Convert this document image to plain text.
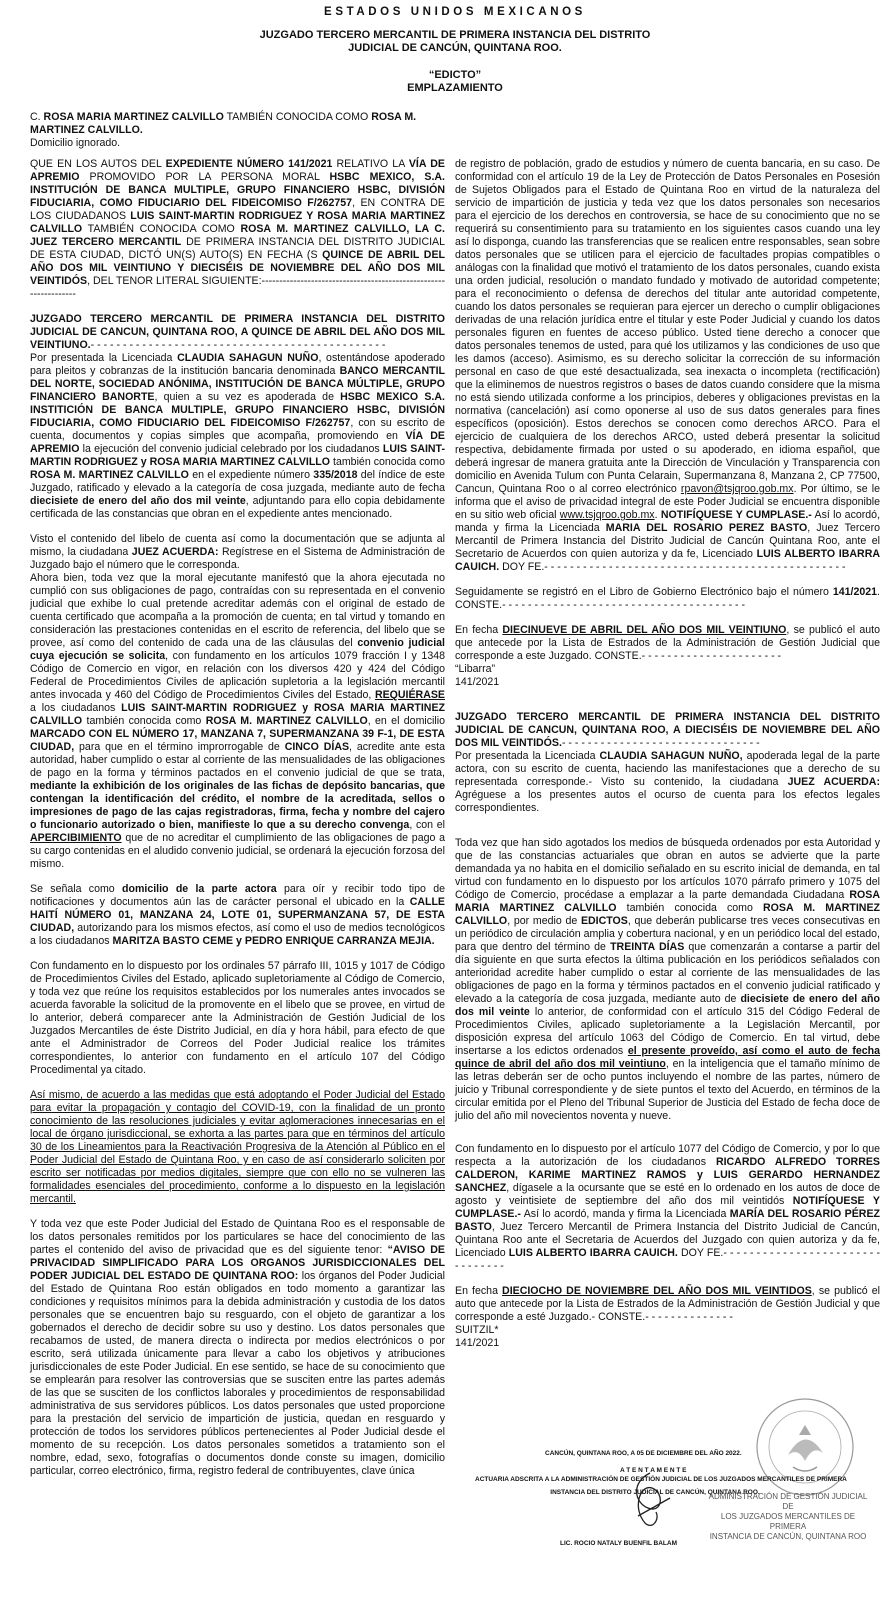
ESTADOS UNIDOS MEXICANOS
JUZGADO TERCERO MERCANTIL DE PRIMERA INSTANCIA DEL DISTRITO
JUDICIAL DE CANCÚN, QUINTANA ROO.
“EDICTO”
EMPLAZAMIENTO
C. ROSA MARIA MARTINEZ CALVILLO TAMBIÉN CONOCIDA COMO ROSA M. MARTINEZ CALVILLO.
Domicilio ignorado.

QUE EN LOS AUTOS DEL EXPEDIENTE NÚMERO 141/2021 RELATIVO LA VÍA DE APREMIO PROMOVIDO POR LA PERSONA MORAL HSBC MEXICO, S.A. INSTITUCIÓN DE BANCA MULTIPLE, GRUPO FINANCIERO HSBC, DIVISIÓN FIDUCIARIA, COMO FIDUCIARIO DEL FIDEICOMISO F/262757, EN CONTRA DE LOS CIUDADANOS LUIS SAINT-MARTIN RODRIGUEZ Y ROSA MARIA MARTINEZ CALVILLO TAMBIÉN CONOCIDA COMO ROSA M. MARTINEZ CALVILLO, LA C. JUEZ TERCERO MERCANTIL DE PRIMERA INSTANCIA DEL DISTRITO JUDICIAL DE ESTA CIUDAD, DICTÓ UN(S) AUTO(S) EN FECHA (S QUINCE DE ABRIL DEL AÑO DOS MIL VEINTIUNO Y DIECISÉIS DE NOVIEMBRE DEL AÑO DOS MIL VEINTIDÓS, DEL TENOR LITERAL SIGUIENTE:-----------------------------------------------------------------

JUZGADO TERCERO MERCANTIL DE PRIMERA INSTANCIA DEL DISTRITO JUDICIAL DE CANCUN, QUINTANA ROO, A QUINCE DE ABRIL DEL AÑO DOS MIL VEINTIUNO.- - - - - - - - - - - - - - - - - - - - - - - - - - - - - - - - - - - - - - - - - - - - - -

Por presentada la Licenciada CLAUDIA SAHAGUN NUÑO, ostentándose apoderado para pleitos y cobranzas de la institución bancaria denominada BANCO MERCANTIL DEL NORTE, SOCIEDAD ANÓNIMA, INSTITUCIÓN DE BANCA MÚLTIPLE, GRUPO FINANCIERO BANORTE, quien a su vez es apoderada de HSBC MEXICO S.A. INSTITICIÓN DE BANCA MULTIPLE, GRUPO FINANCIERO HSBC, DIVISIÓN FIDUCIARIA, COMO FIDUCIARIO DEL FIDEICOMISO F/262757, con su escrito de cuenta, documentos y copias simples que acompaña, promoviendo en VÍA DE APREMIO la ejecución del convenio judicial celebrado por los ciudadanos LUIS SAINT-MARTIN RODRIGUEZ y ROSA MARIA MARTINEZ CALVILLO también conocida como ROSA M. MARTINEZ CALVILLO en el expediente número 335/2018 del índice de este Juzgado, ratificado y elevado a la categoría de cosa juzgada, mediante auto de fecha diecisiete de enero del año dos mil veinte, adjuntando para ello copia debidamente certificada de las constancias que obran en el expediente antes mencionado.

Visto el contenido del libelo de cuenta así como la documentación que se adjunta al mismo, la ciudadana JUEZ ACUERDA: Regístrese en el Sistema de Administración de Juzgado bajo el número que le corresponda.

Ahora bien, toda vez que la moral ejecutante manifestó que la ahora ejecutada no cumplió con sus obligaciones de pago, contraídas con su representada en el convenio judicial que exhibe lo cual pretende acreditar además con el original de estado de cuenta certificado que acompaña a la promoción de cuenta; en tal virtud y tomando en consideración las prestaciones contenidas en el escrito de referencia, del libelo que se provee, así como del contenido de cada una de las cláusulas del convenio judicial cuya ejecución se solicita, con fundamento en los artículos 1079 fracción I y 1348 Código de Comercio en vigor, en relación con los diversos 420 y 424 del Código Federal de Procedimientos Civiles de aplicación supletoria a la legislación mercantil antes invocada y 460 del Código de Procedimientos Civiles del Estado, REQUIÉRASE a los ciudadanos LUIS SAINT-MARTIN RODRIGUEZ y ROSA MARIA MARTINEZ CALVILLO también conocida como ROSA M. MARTINEZ CALVILLO, en el domicilio MARCADO CON EL NÚMERO 17, MANZANA 7, SUPERMANZANA 39 F-1, DE ESTA CIUDAD, para que en el término improrrogable de CINCO DÍAS, acredite ante esta autoridad, haber cumplido o estar al corriente de las mensualidades de las obligaciones de pago en la forma y términos pactados en el convenio judicial de que se trata, mediante la exhibición de los originales de las fichas de depósito bancarias, que contengan la identificación del crédito, el nombre de la acreditada, sellos o impresiones de pago de las cajas registradoras, firma, fecha y nombre del cajero o funcionario autorizado o bien, manifieste lo que a su derecho convenga, con el APERCIBIMIENTO que de no acreditar el cumplimiento de las obligaciones de pago a su cargo contenidas en el aludido convenio judicial, se ordenará la ejecución forzosa del mismo.

Se señala como domicilio de la parte actora para oír y recibir todo tipo de notificaciones y documentos aún las de carácter personal el ubicado en la CALLE HAITÍ NÚMERO 01, MANZANA 24, LOTE 01, SUPERMANZANA 57, DE ESTA CIUDAD, autorizando para los mismos efectos, así como el uso de medios tecnológicos a los ciudadanos MARITZA BASTO CEME y PEDRO ENRIQUE CARRANZA MEJIA.

Con fundamento en lo dispuesto por los ordinales 57 párrafo III, 1015 y 1017 de Código de Procedimientos Civiles del Estado, aplicado supletoriamente al Código de Comercio, y toda vez que reúne los requisitos establecidos por los numerales antes invocados se acuerda favorable la solicitud de la promovente en el libelo que se provee, en virtud de lo anterior, deberá comparecer ante la Administración de Gestión Judicial de los Juzgados Mercantiles de éste Distrito Judicial, en día y hora hábil, para efecto de que ante el Administrador de Correos del Poder Judicial realice los trámites correspondientes, lo anterior con fundamento en el artículo 107 del Código Procedimental ya citado.

Así mismo, de acuerdo a las medidas que está adoptando el Poder Judicial del Estado para evitar la propagación y contagio del COVID-19, con la finalidad de un pronto conocimiento de las resoluciones judiciales y evitar aglomeraciones innecesarias en el local de órgano jurisdiccional, se exhorta a las partes para que en términos del artículo 30 de los Lineamientos para la Reactivación Progresiva de la Atención al Público en el Poder Judicial del Estado de Quintana Roo, y en caso de así considerarlo soliciten por escrito ser notificadas por medios digitales, siempre que con ello no se vulneren las formalidades esenciales del procedimiento, conforme a lo dispuesto en la legislación mercantil.

Y toda vez que este Poder Judicial del Estado de Quintana Roo es el responsable de los datos personales remitidos por los particulares se hace del conocimiento de las partes el contenido del aviso de privacidad que es del siguiente tenor: “AVISO DE PRIVACIDAD SIMPLIFICADO PARA LOS ORGANOS JURISDICCIONALES DEL PODER JUDICIAL DEL ESTADO DE QUINTANA ROO: los órganos del Poder Judicial del Estado de Quintana Roo están obligados en todo momento a garantizar las condiciones y requisitos mínimos para la debida administración y custodia de los datos personales que se encuentren bajo su resguardo, con el objeto de garantizar a los gobernados el derecho de decidir sobre su uso y destino. Los datos personales que recabamos de usted, de manera directa o indirecta por medios electrónicos o por escrito, será utilizada únicamente para llevar a cabo los objetivos y atribuciones jurisdiccionales de este Poder Judicial. En ese sentido, se hace de su conocimiento que se emplearán para resolver las controversias que se susciten entre las partes además de las que se susciten de los conflictos laborales y procedimientos de responsabilidad administrativa de sus servidores públicos. Los datos personales que usted proporcione para la prestación del servicio de impartición de justicia, quedan en resguardo y protección de todos los servidores públicos pertenecientes al Poder Judicial desde el momento de su recepción. Los datos personales sometidos a tratamiento son el nombre, edad, sexo, fotografías o documentos donde conste su imagen, domicilio particular, correo electrónico, firma, registro federal de contribuyentes, clave única

de registro de población, grado de estudios y número de cuenta bancaria, en su caso. De conformidad con el artículo 19 de la Ley de Protección de Datos Personales en Posesión de Sujetos Obligados para el Estado de Quintana Roo en virtud de la naturaleza del servicio de impartición de justicia y teda vez que los datos personales son necesarios para el ejercicio de los derechos en controversia, se hace de su conocimiento que no se requerirá su consentimiento para su tratamiento en los siguientes casos cuando una ley así lo disponga, cuando las transferencias que se realicen entre responsables, sean sobre datos personales que se utilicen para el ejercicio de facultades propias compatibles o análogas con la finalidad que motivó el tratamiento de los datos personales, cuando exista una orden judicial, resolución o mandato fundado y motivado de autoridad competente; para el reconocimiento o defensa de derechos del titular ante autoridad competente, cuando los datos personales se requieran para ejercer un derecho o cumplir obligaciones derivadas de una relación jurídica entre el titular y este Poder Judicial y cuando los datos personales figuren en fuentes de acceso público. Usted tiene derecho a conocer que datos personales tenemos de usted, para qué los utilizamos y las condiciones de uso que les damos (acceso). Asimismo, es su derecho solicitar la corrección de su información personal en caso de que esté desactualizada, sea inexacta o incompleta (rectificación) que la eliminemos de nuestros registros o bases de datos cuando considere que la misma no está siendo utilizada conforme a los principios, deberes y obligaciones previstas en la normativa (cancelación) así como oponerse al uso de sus datos generales para fines específicos (oposición). Estos derechos se conocen como derechos ARCO. Para el ejercicio de cualquiera de los derechos ARCO, usted deberá presentar la solicitud respectiva, debidamente firmada por usted o su apoderado, en idioma español, que deberá ingresar de manera gratuita ante la Dirección de Vinculación y Transparencia con domicilio en Avenida Tulum con Punta Celarain, Supermanzana 8, Manzana 2, CP 77500, Cancun, Quintana Roo o al correo electrónico rpavon@tsjqroo.gob.mx. Por último, se le informa que el aviso de privacidad integral de este Poder Judicial se encuentra disponible en su sitio web oficial www.tsjqroo.gob.mx. NOTIFÍQUESE Y CUMPLASE.- Así lo acordó, manda y firma la Licenciada MARIA DEL ROSARIO PEREZ BASTO, Juez Tercero Mercantil de Primera Instancia del Distrito Judicial de Cancún Quintana Roo, ante el Secretario de Acuerdos con quien autoriza y da fe, Licenciado LUIS ALBERTO IBARRA CAUICH. DOY FE.- - - - - - - - - - - - - - - - - - - - - - - - - - - - - - - - - - - - - - - - - - - - - - -

Seguidamente se registró en el Libro de Gobierno Electrónico bajo el número 141/2021. CONSTE.- - - - - - - - - - - - - - - - - - - - - - - - - - - - - - - - - - - - - -

En fecha DIECINUEVE DE ABRIL DEL AÑO DOS MIL VEINTIUNO, se publicó el auto que antecede por la Lista de Estrados de la Administración de Gestión Judicial que corresponde a este Juzgado. CONSTE.- - - - - - - - - - - - - - - - - - - - - -

“Libarra”

141/2021

JUZGADO TERCERO MERCANTIL DE PRIMERA INSTANCIA DEL DISTRITO JUDICIAL DE CANCUN, QUINTANA ROO, A DIECISÉIS DE NOVIEMBRE DEL AÑO DOS MIL VEINTIDÓS.- - - - - - - - - - - - - - - - - - - - - - - - - - - - - - -

Por presentada la Licenciada CLAUDIA SAHAGUN NUÑO, apoderada legal de la parte actora, con su escrito de cuenta, haciendo las manifestaciones que a derecho de su representada corresponde.- Visto su contenido, la ciudadana JUEZ ACUERDA: Agréguese a los presentes autos el ocurso de cuenta para los efectos legales correspondientes.

Toda vez que han sido agotados los medios de búsqueda ordenados por esta Autoridad y que de las constancias actuariales que obran en autos se advierte que la parte demandada ya no habita en el domicilio señalado en su escrito inicial de demanda, en tal virtud con fundamento en lo dispuesto por los artículos 1070 párrafo primero y 1075 del Código de Comercio, procédase a emplazar a la parte demandada Ciudadana ROSA MARIA MARTINEZ CALVILLO también conocida como ROSA M. MARTINEZ CALVILLO, por medio de EDICTOS, que deberán publicarse tres veces consecutivas en un periódico de circulación amplia y cobertura nacional, y en un periódico local del estado, para que dentro del término de TREINTA DÍAS que comenzarán a contarse a partir del día siguiente en que surta efectos la última publicación en los periódicos señalados con anterioridad acredite haber cumplido o estar al corriente de las mensualidades de las obligaciones de pago en la forma y términos pactados en el convenio judicial ratificado y elevado a la categoría de cosa juzgada, mediante auto de diecisiete de enero del año dos mil veinte lo anterior, de conformidad con el artículo 315 del Código Federal de Procedimientos Civiles, aplicado supletoriamente a la Legislación Mercantil, por disposición expresa del artículo 1063 del Código de Comercio. En tal virtud, debe insertarse a los edictos ordenados el presente proveído, así como el auto de fecha quince de abril del año dos mil veintiuno, en la inteligencia que el tamaño mínimo de las letras deberán ser de ocho puntos incluyendo el nombre de las partes, número de juicio y Tribunal correspondiente y de siete puntos el texto del Acuerdo, en términos de la circular emitida por el Pleno del Tribunal Superior de Justicia del Estado de fecha doce de julio del año mil novecientos noventa y nueve.

Con fundamento en lo dispuesto por el artículo 1077 del Código de Comercio, y por lo que respecta a la autorización de los ciudadanos RICARDO ALFREDO TORRES CALDERON, KARIME MARTINEZ RAMOS y LUIS GERARDO HERNANDEZ SANCHEZ, dígasele a la ocursante que se esté en lo ordenado en los autos de doce de agosto y veintisiete de septiembre del año dos mil veintidós NOTIFÍQUESE Y CUMPLASE.- Así lo acordó, manda y firma la Licenciada MARÍA DEL ROSARIO PÉREZ BASTO, Juez Tercero Mercantil de Primera Instancia del Distrito Judicial de Cancún, Quintana Roo ante el Secretaria de Acuerdos del Juzgado con quien autoriza y da fe, Licenciado LUIS ALBERTO IBARRA CAUICH. DOY FE.- - - - - - - - - - - - - - - - - - - - - - - - - - - - - - - -

En fecha DIECIOCHO DE NOVIEMBRE DEL AÑO DOS MIL VEINTIDOS, se publicó el auto que antecede por la Lista de Estrados de la Administración de Gestión Judicial y que corresponde a esté Juzgado.- CONSTE.- - - - - - - - - - - - - -

SUITZIL*
141/2021
CANCÚN, QUINTANA ROO, A 05 DE DICIEMBRE DEL AÑO 2022.
A T E N T A M E N T E
ACTUARIA ADSCRITA A LA ADMINISTRACIÓN DE GESTIÓN JUDICIAL DE LOS JUZGADOS MERCANTILES DE PRIMERA
INSTANCIA DEL DISTRITO JUDICIAL DE CANCÚN, QUINTANA ROO.
ADMINISTRACIÓN DE GESTIÓN JUDICIAL DE
LOS JUZGADOS MERCANTILES DE PRIMERA
INSTANCIA DE CANCÚN, QUINTANA ROO
LIC. ROCIO NATALY BUENFIL BALAM
